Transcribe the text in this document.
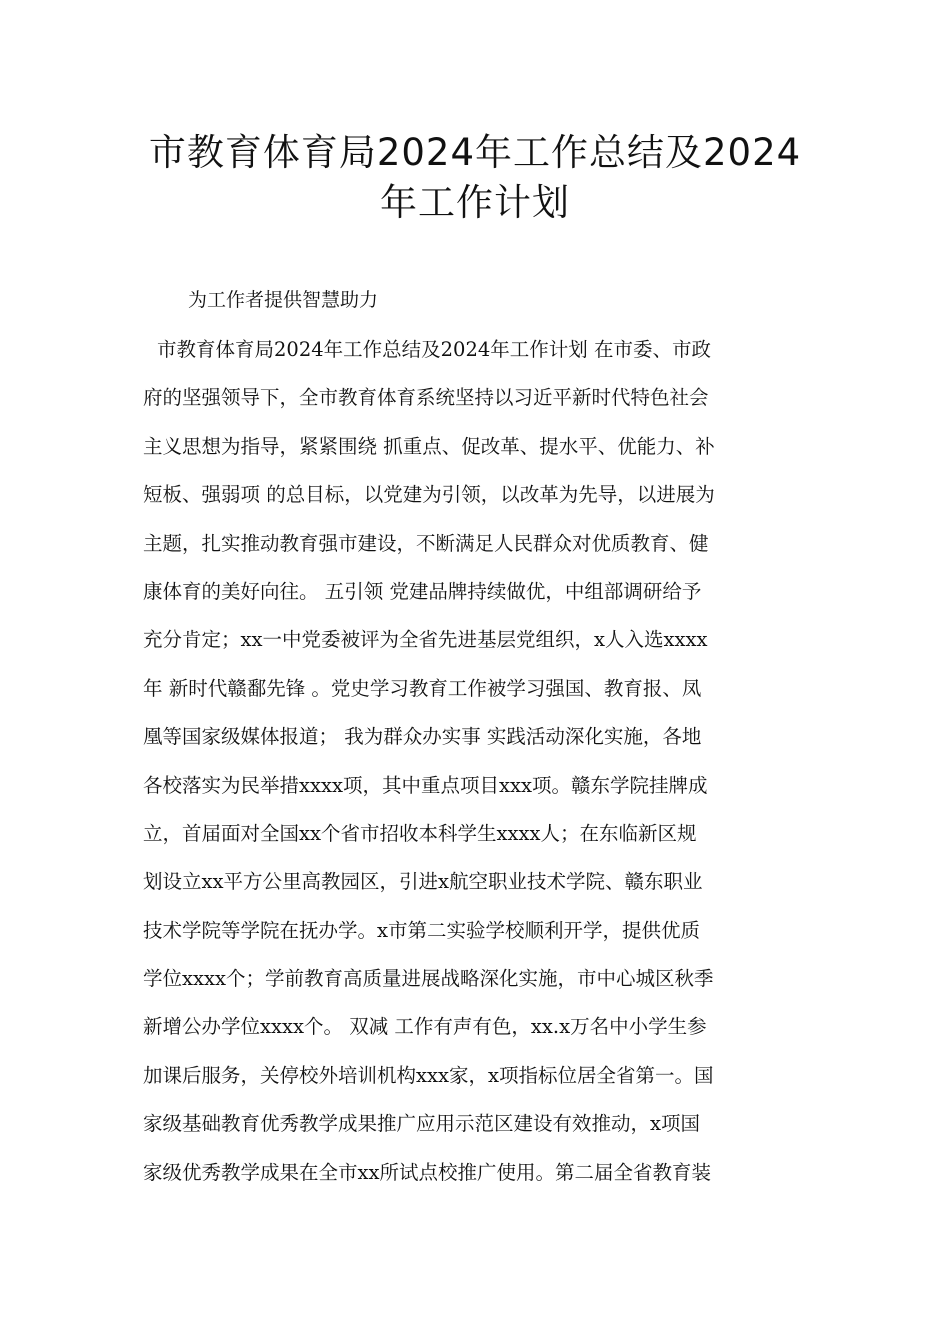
市教育体育局2024年工作总结及2024
年工作计划
为工作者提供智慧助力
市教育体育局2024年工作总结及2024年工作计划 在市委、市政
府的坚强领导下，全市教育体育系统坚持以习近平新时代特色社会
主义思想为指导，紧紧围绕 抓重点、促改革、提水平、优能力、补
短板、强弱项 的总目标，以党建为引领，以改革为先导，以进展为
主题，扎实推动教育强市建设，不断满足人民群众对优质教育、健
康体育的美好向往。 五引领 党建品牌持续做优，中组部调研给予
充分肯定；xx一中党委被评为全省先进基层党组织，x人入选xxxx
年 新时代赣鄱先锋 。党史学习教育工作被学习强国、教育报、凤
凰等国家级媒体报道； 我为群众办实事 实践活动深化实施，各地
各校落实为民举措xxxx项，其中重点项目xxx项。赣东学院挂牌成
立，首届面对全国xx个省市招收本科学生xxxx人；在东临新区规
划设立xx平方公里高教园区，引进x航空职业技术学院、赣东职业
技术学院等学院在抚办学。x市第二实验学校顺利开学，提供优质
学位xxxx个；学前教育高质量进展战略深化实施，市中心城区秋季
新增公办学位xxxx个。 双减 工作有声有色，xx.x万名中小学生参
加课后服务，关停校外培训机构xxx家，x项指标位居全省第一。国
家级基础教育优秀教学成果推广应用示范区建设有效推动，x项国
家级优秀教学成果在全市xx所试点校推广使用。第二届全省教育装
